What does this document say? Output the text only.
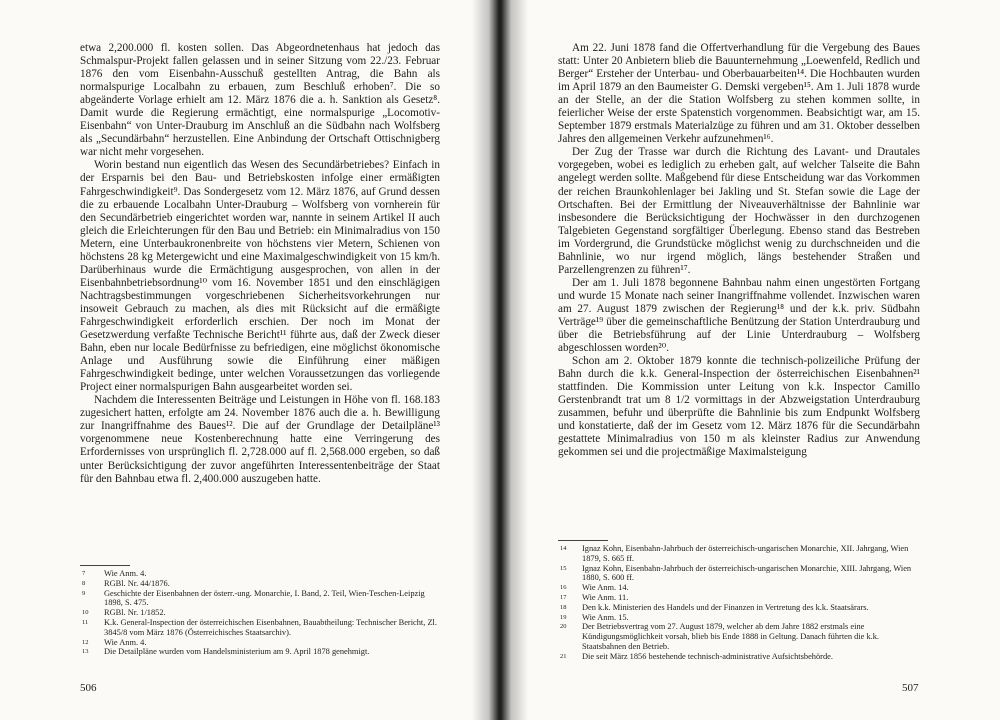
etwa 2,200.000 fl. kosten sollen. Das Abgeordnetenhaus hat jedoch das Schmalspur-Projekt fallen gelassen und in seiner Sitzung vom 22./23. Februar 1876 den vom Eisenbahn-Ausschuß gestellten Antrag, die Bahn als normalspurige Localbahn zu erbauen, zum Beschluß erhoben⁷. Die so abgeänderte Vorlage erhielt am 12. März 1876 die a. h. Sanktion als Gesetz⁸. Damit wurde die Regierung ermächtigt, eine normalspurige „Locomotiv-Eisenbahn“ von Unter-Drauburg im Anschluß an die Südbahn nach Wolfsberg als „Secundärbahn“ herzustellen. Eine Anbindung der Ortschaft Ottischnigberg war nicht mehr vorgesehen.

Worin bestand nun eigentlich das Wesen des Secundärbetriebes? Einfach in der Ersparnis bei den Bau- und Betriebskosten infolge einer ermäßigten Fahrgeschwindigkeit⁹. Das Sondergesetz vom 12. März 1876, auf Grund dessen die zu erbauende Localbahn Unter-Drauburg – Wolfsberg von vornherein für den Secundärbetrieb eingerichtet worden war, nannte in seinem Artikel II auch gleich die Erleichterungen für den Bau und Betrieb: ein Minimalradius von 150 Metern, eine Unterbaukronenbreite von höchstens vier Metern, Schienen von höchstens 28 kg Metergewicht und eine Maximalgeschwindigkeit von 15 km/h. Darüberhinaus wurde die Ermächtigung ausgesprochen, von allen in der Eisenbahnbetriebsordnung¹⁰ vom 16. November 1851 und den einschlägigen Nachtragsbestimmungen vorgeschriebenen Sicherheitsvorkehrungen nur insoweit Gebrauch zu machen, als dies mit Rücksicht auf die ermäßigte Fahrgeschwindigkeit erforderlich erschien. Der noch im Monat der Gesetzwerdung verfaßte Technische Bericht¹¹ führte aus, daß der Zweck dieser Bahn, eben nur locale Bedürfnisse zu befriedigen, eine möglichst ökonomische Anlage und Ausführung sowie die Einführung einer mäßigen Fahrgeschwindigkeit bedinge, unter welchen Voraussetzungen das vorliegende Project einer normalspurigen Bahn ausgearbeitet worden sei.

Nachdem die Interessenten Beiträge und Leistungen in Höhe von fl. 168.183 zugesichert hatten, erfolgte am 24. November 1876 auch die a. h. Bewilligung zur Inangriffnahme des Baues¹². Die auf der Grundlage der Detailpläne¹³ vorgenommene neue Kostenberechnung hatte eine Verringerung des Erfordernisses von ursprünglich fl. 2,728.000 auf fl. 2,568.000 ergeben, so daß unter Berücksichtigung der zuvor angeführten Interessentenbeiträge der Staat für den Bahnbau etwa fl. 2,400.000 auszugeben hatte.

7 Wie Anm. 4.
8 RGBl. Nr. 44/1876.
9 Geschichte der Eisenbahnen der österr.-ung. Monarchie, I. Band, 2. Teil, Wien-Teschen-Leipzig 1898, S. 475.
10 RGBl. Nr. 1/1852.
11 K.k. General-Inspection der österreichischen Eisenbahnen, Bauabtheilung: Technischer Bericht, Zl. 3845/8 vom März 1876 (Österreichisches Staatsarchiv).
12 Wie Anm. 4.
13 Die Detailpläne wurden vom Handelsministerium am 9. April 1878 genehmigt.
506

Am 22. Juni 1878 fand die Offertverhandlung für die Vergebung des Baues statt: Unter 20 Anbietern blieb die Bauunternehmung „Loewenfeld, Redlich und Berger“ Ersteher der Unterbau- und Oberbauarbeiten¹⁴. Die Hochbauten wurden im April 1879 an den Baumeister G. Demski vergeben¹⁵. Am 1. Juli 1878 wurde an der Stelle, an der die Station Wolfsberg zu stehen kommen sollte, in feierlicher Weise der erste Spatenstich vorgenommen. Beabsichtigt war, am 15. September 1879 erstmals Materialzüge zu führen und am 31. Oktober desselben Jahres den allgemeinen Verkehr aufzunehmen¹⁶.

Der Zug der Trasse war durch die Richtung des Lavant- und Drautales vorgegeben, wobei es lediglich zu erheben galt, auf welcher Talseite die Bahn angelegt werden sollte. Maßgebend für diese Entscheidung war das Vorkommen der reichen Braunkohlenlager bei Jakling und St. Stefan sowie die Lage der Ortschaften. Bei der Ermittlung der Niveauverhältnisse der Bahnlinie war insbesondere die Berücksichtigung der Hochwässer in den durchzogenen Talgebieten Gegenstand sorgfältiger Überlegung. Ebenso stand das Bestreben im Vordergrund, die Grundstücke möglichst wenig zu durchschneiden und die Bahnlinie, wo nur irgend möglich, längs bestehender Straßen und Parzellengrenzen zu führen¹⁷.

Der am 1. Juli 1878 begonnene Bahnbau nahm einen ungestörten Fortgang und wurde 15 Monate nach seiner Inangriffnahme vollendet. Inzwischen waren am 27. August 1879 zwischen der Regierung¹⁸ und der k.k. priv. Südbahn Verträge¹⁹ über die gemeinschaftliche Benützung der Station Unterdrauburg und über die Betriebsführung auf der Linie Unterdrauburg – Wolfsberg abgeschlossen worden²⁰.

Schon am 2. Oktober 1879 konnte die technisch-polizeiliche Prüfung der Bahn durch die k.k. General-Inspection der österreichischen Eisenbahnen²¹ stattfinden. Die Kommission unter Leitung von k.k. Inspector Camillo Gerstenbrandt trat um 8 1/2 vormittags in der Abzweigstation Unterdrauburg zusammen, befuhr und überprüfte die Bahnlinie bis zum Endpunkt Wolfsberg und konstatierte, daß der im Gesetz vom 12. März 1876 für die Secundärbahn gestattete Minimalradius von 150 m als kleinster Radius zur Anwendung gekommen sei und die projectmäßige Maximalsteigung

14 Ignaz Kohn, Eisenbahn-Jahrbuch der österreichisch-ungarischen Monarchie, XII. Jahrgang, Wien 1879, S. 665 ff.
15 Ignaz Kohn, Eisenbahn-Jahrbuch der österreichisch-ungarischen Monarchie, XIII. Jahrgang, Wien 1880, S. 600 ff.
16 Wie Anm. 14.
17 Wie Anm. 11.
18 Den k.k. Ministerien des Handels und der Finanzen in Vertretung des k.k. Staatsärars.
19 Wie Anm. 15.
20 Der Betriebsvertrag vom 27. August 1879, welcher ab dem Jahre 1882 erstmals eine Kündigungsmöglichkeit vorsah, blieb bis Ende 1888 in Geltung. Danach führten die k.k. Staatsbahnen den Betrieb.
21 Die seit März 1856 bestehende technisch-administrative Aufsichtsbehörde.
507
